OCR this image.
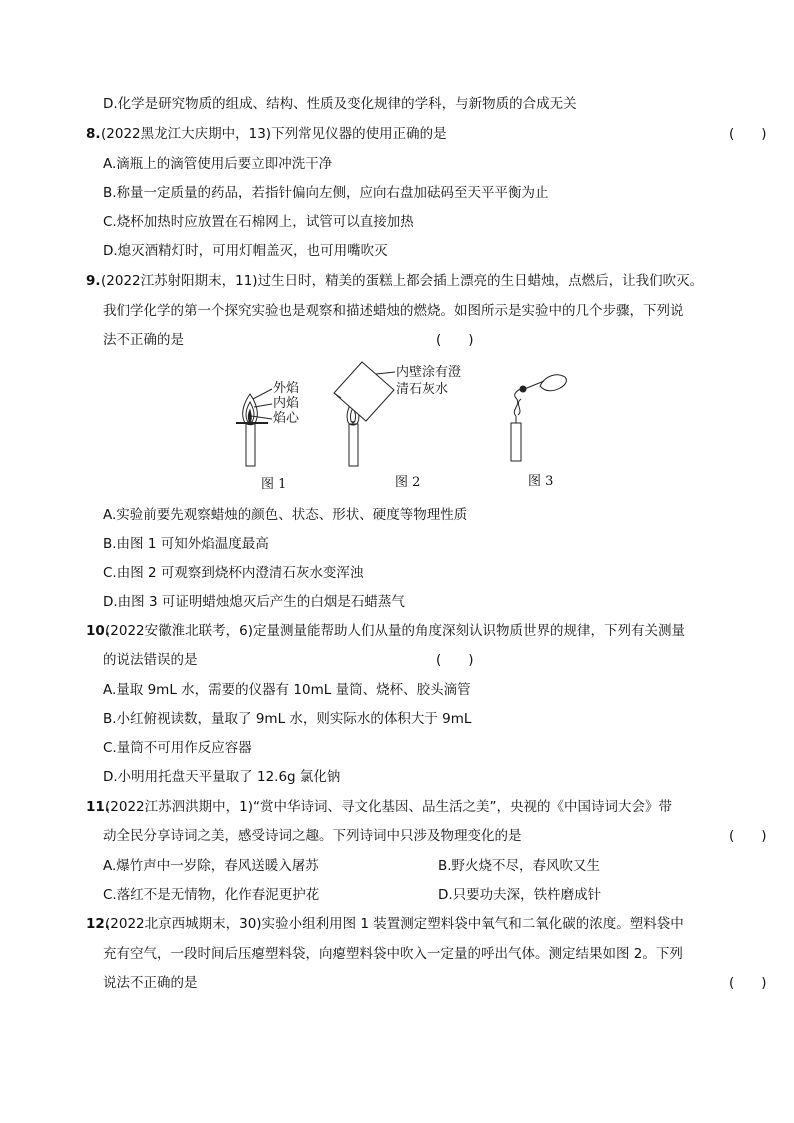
D.化学是研究物质的组成、结构、性质及变化规律的学科，与新物质的合成无关
8. (2022黑龙江大庆期中，13)下列常见仪器的使用正确的是	(　　)
A.滴瓶上的滴管使用后要立即冲洗干净
B.称量一定质量的药品，若指针偏向左侧，应向右盘加砝码至天平平衡为止
C.烧杯加热时应放置在石棉网上，试管可以直接加热
D.熄灭酒精灯时，可用灯帽盖灭，也可用嘴吹灭
9. (2022江苏射阳期末，11)过生日时，精美的蛋糕上都会插上漂亮的生日蜡烛，点燃后，让我们吹灭。
我们学化学的第一个探究实验也是观察和描述蜡烛的燃烧。如图所示是实验中的几个步骤，下列说
法不正确的是	(　　)
外焰
内焰
焰心
图 1
内壁涂有澄
清石灰水
图 2	图 3
A.实验前要先观察蜡烛的颜色、状态、形状、硬度等物理性质
B.由图 1 可知外焰温度最高
C.由图 2 可观察到烧杯内澄清石灰水变浑浊
D.由图 3 可证明蜡烛熄灭后产生的白烟是石蜡蒸气
10.
(2022安徽淮北联考，6)定量测量能帮助人们从量的角度深刻认识物质世界的规律，下列有关测量
的说法错误的是	(　　)
A.量取 9mL 水，需要的仪器有 10mL 量筒、烧杯、胶头滴管
B.小红俯视读数，量取了 9mL 水，则实际水的体积大于 9mL
C.量筒不可用作反应容器
D.小明用托盘天平量取了 12.6g 氯化钠
11.
(2022江苏泗洪期中，1)“赏中华诗词、寻文化基因、品生活之美”，央视的《中国诗词大会》带
动全民分享诗词之美，感受诗词之趣。下列诗词中只涉及物理变化的是	(　　)
A.爆竹声中一岁除，春风送暖入屠苏	B.野火烧不尽，春风吹又生
C.落红不是无情物，化作春泥更护花	D.只要功夫深，铁杵磨成针
12.
(2022北京西城期末，30)实验小组利用图 1 装置测定塑料袋中氧气和二氧化碳的浓度。塑料袋中
充有空气，一段时间后压瘪塑料袋，向瘪塑料袋中吹入一定量的呼出气体。测定结果如图 2。下列
说法不正确的是	(　　)
